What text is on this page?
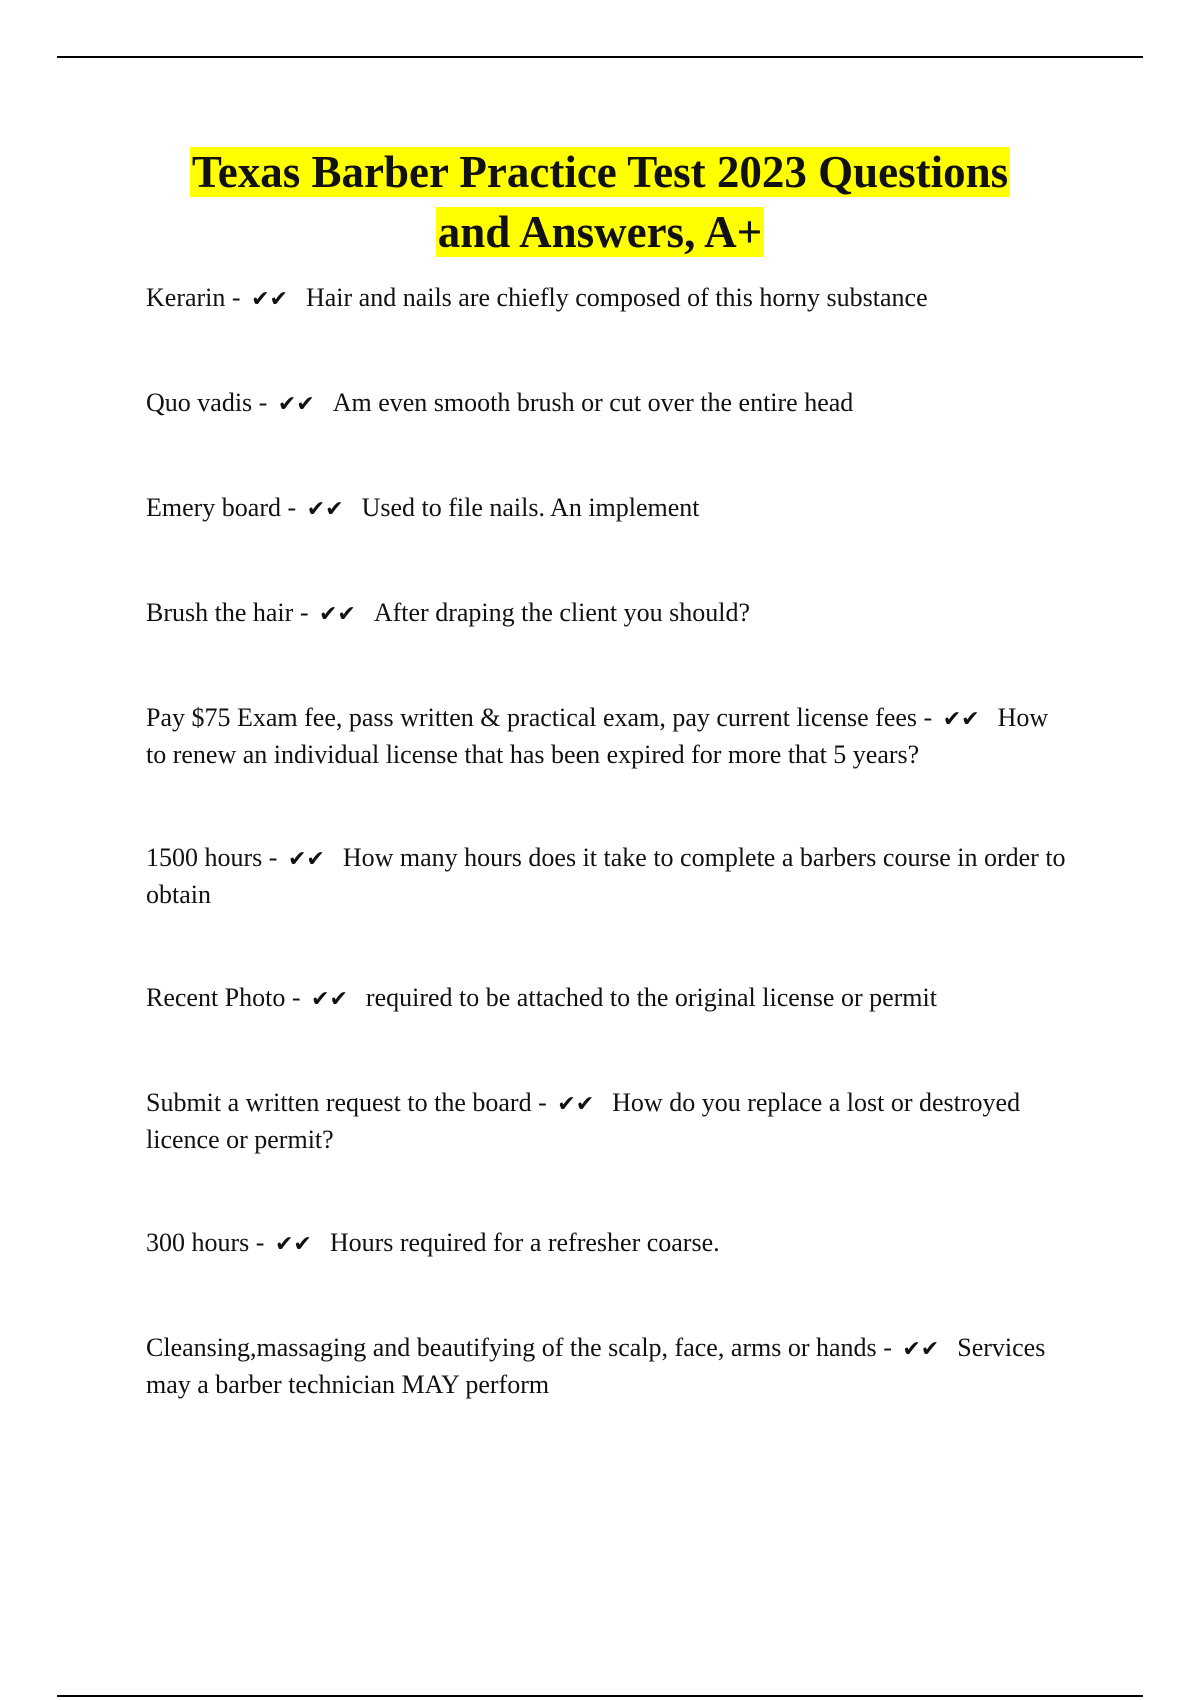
Texas Barber Practice Test 2023 Questions
and Answers, A+
Kerarin - ✔✔ Hair and nails are chiefly composed of this horny substance
Quo vadis - ✔✔ Am even smooth brush or cut over the entire head
Emery board - ✔✔ Used to file nails. An implement
Brush the hair - ✔✔ After draping the client you should?
Pay $75 Exam fee, pass written & practical exam, pay current license fees - ✔✔ How to renew an individual license that has been expired for more that 5 years?
1500 hours - ✔✔ How many hours does it take to complete a barbers course in order to obtain
Recent Photo - ✔✔ required to be attached to the original license or permit
Submit a written request to the board - ✔✔ How do you replace a lost or destroyed licence or permit?
300 hours - ✔✔ Hours required for a refresher coarse.
Cleansing,massaging and beautifying of the scalp, face, arms or hands - ✔✔ Services may a barber technician MAY perform
